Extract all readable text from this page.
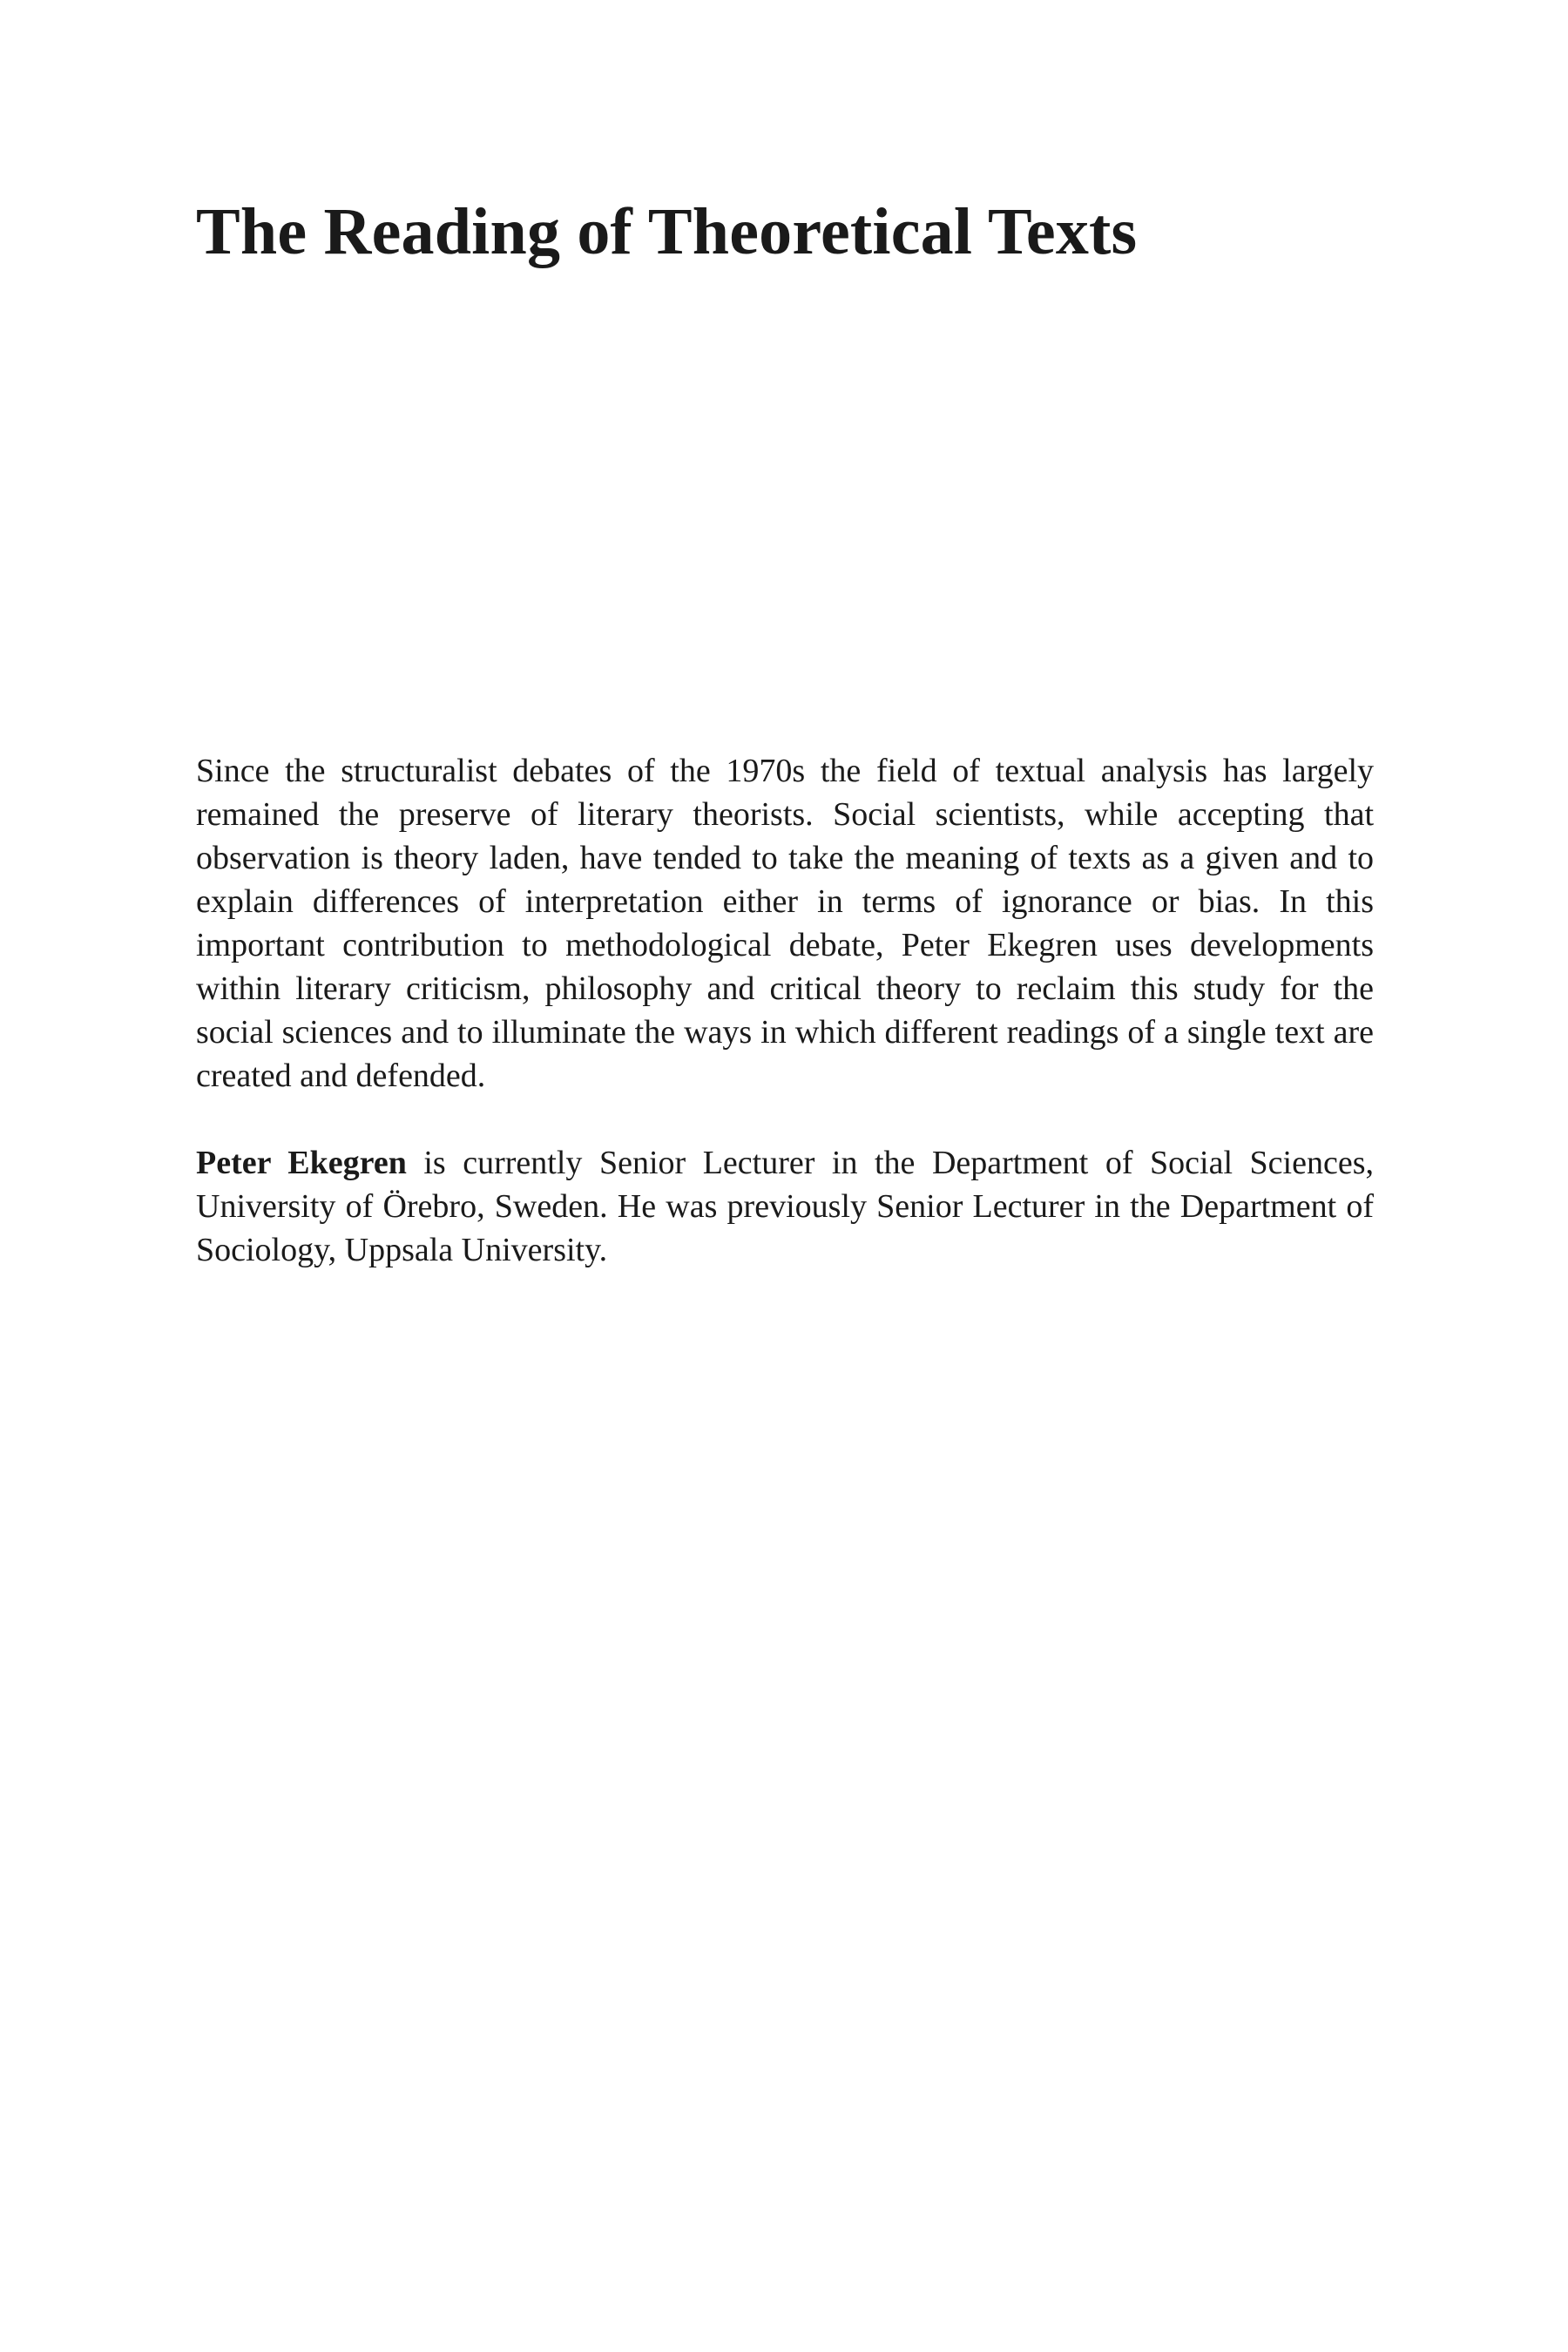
The Reading of Theoretical Texts

Since the structuralist debates of the 1970s the field of textual analysis has largely remained the preserve of literary theorists. Social scientists, while accepting that observation is theory laden, have tended to take the meaning of texts as a given and to explain differences of interpretation either in terms of ignorance or bias. In this important contribution to methodological debate, Peter Ekegren uses developments within literary criticism, philosophy and critical theory to reclaim this study for the social sciences and to illuminate the ways in which different readings of a single text are created and defended.

Peter Ekegren is currently Senior Lecturer in the Department of Social Sciences, University of Örebro, Sweden. He was previously Senior Lecturer in the Department of Sociology, Uppsala University.
